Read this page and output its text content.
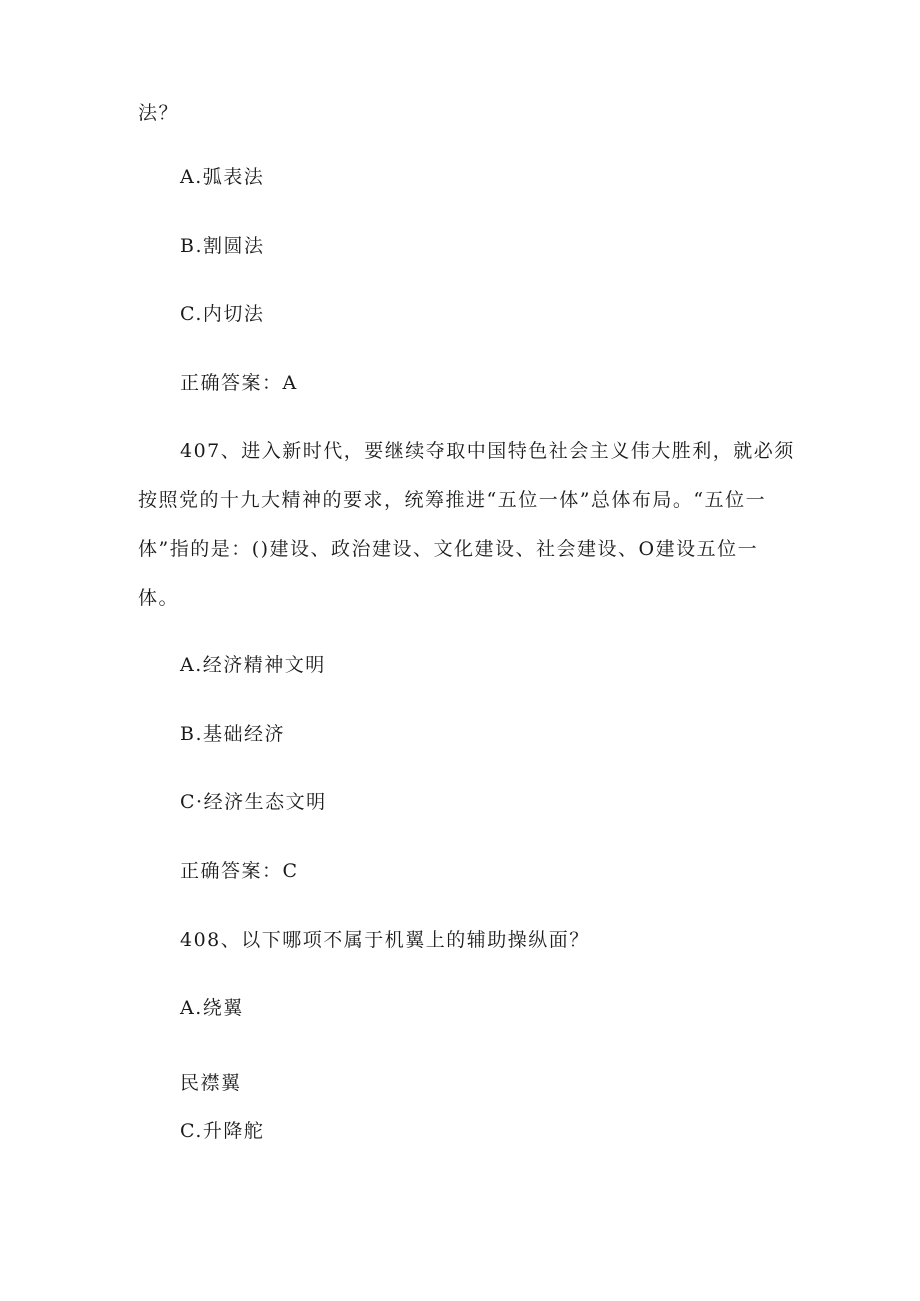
法？
A.弧表法
B.割圆法
C.内切法
正确答案：A
407、进入新时代，要继续夺取中国特色社会主义伟大胜利，就必须
按照党的十九大精神的要求，统筹推进“五位一体”总体布局。“五位一
体”指的是：()建设、政治建设、文化建设、社会建设、O建设五位一
体。
A.经济精神文明
B.基础经济
C·经济生态文明
正确答案：C
408、以下哪项不属于机翼上的辅助操纵面？
A.绕翼
民襟翼
C.升降舵
